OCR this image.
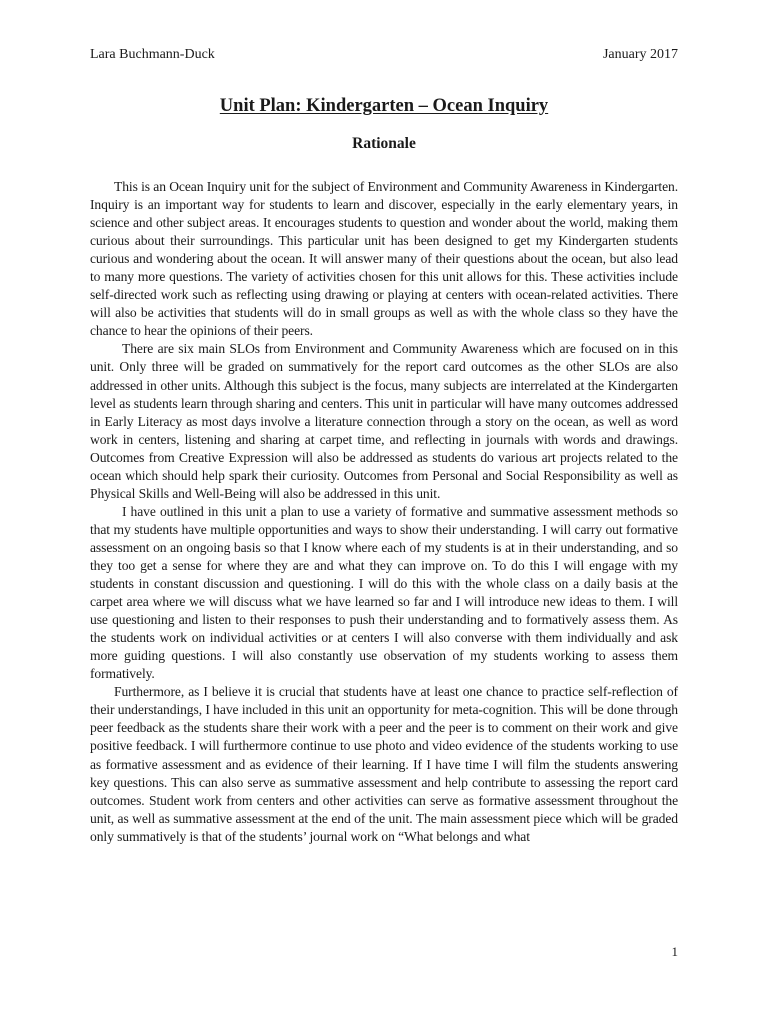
Lara Buchmann-Duck	January 2017
Unit Plan: Kindergarten – Ocean Inquiry
Rationale

This is an Ocean Inquiry unit for the subject of Environment and Community Awareness in Kindergarten. Inquiry is an important way for students to learn and discover, especially in the early elementary years, in science and other subject areas. It encourages students to question and wonder about the world, making them curious about their surroundings. This particular unit has been designed to get my Kindergarten students curious and wondering about the ocean. It will answer many of their questions about the ocean, but also lead to many more questions. The variety of activities chosen for this unit allows for this. These activities include self-directed work such as reflecting using drawing or playing at centers with ocean-related activities. There will also be activities that students will do in small groups as well as with the whole class so they have the chance to hear the opinions of their peers.

There are six main SLOs from Environment and Community Awareness which are focused on in this unit. Only three will be graded on summatively for the report card outcomes as the other SLOs are also addressed in other units. Although this subject is the focus, many subjects are interrelated at the Kindergarten level as students learn through sharing and centers. This unit in particular will have many outcomes addressed in Early Literacy as most days involve a literature connection through a story on the ocean, as well as word work in centers, listening and sharing at carpet time, and reflecting in journals with words and drawings. Outcomes from Creative Expression will also be addressed as students do various art projects related to the ocean which should help spark their curiosity. Outcomes from Personal and Social Responsibility as well as Physical Skills and Well-Being will also be addressed in this unit.

I have outlined in this unit a plan to use a variety of formative and summative assessment methods so that my students have multiple opportunities and ways to show their understanding. I will carry out formative assessment on an ongoing basis so that I know where each of my students is at in their understanding, and so they too get a sense for where they are and what they can improve on. To do this I will engage with my students in constant discussion and questioning. I will do this with the whole class on a daily basis at the carpet area where we will discuss what we have learned so far and I will introduce new ideas to them. I will use questioning and listen to their responses to push their understanding and to formatively assess them. As the students work on individual activities or at centers I will also converse with them individually and ask more guiding questions. I will also constantly use observation of my students working to assess them formatively.

Furthermore, as I believe it is crucial that students have at least one chance to practice self-reflection of their understandings, I have included in this unit an opportunity for meta-cognition. This will be done through peer feedback as the students share their work with a peer and the peer is to comment on their work and give positive feedback. I will furthermore continue to use photo and video evidence of the students working to use as formative assessment and as evidence of their learning. If I have time I will film the students answering key questions. This can also serve as summative assessment and help contribute to assessing the report card outcomes. Student work from centers and other activities can serve as formative assessment throughout the unit, as well as summative assessment at the end of the unit. The main assessment piece which will be graded only summatively is that of the students’ journal work on “What belongs and what

1
